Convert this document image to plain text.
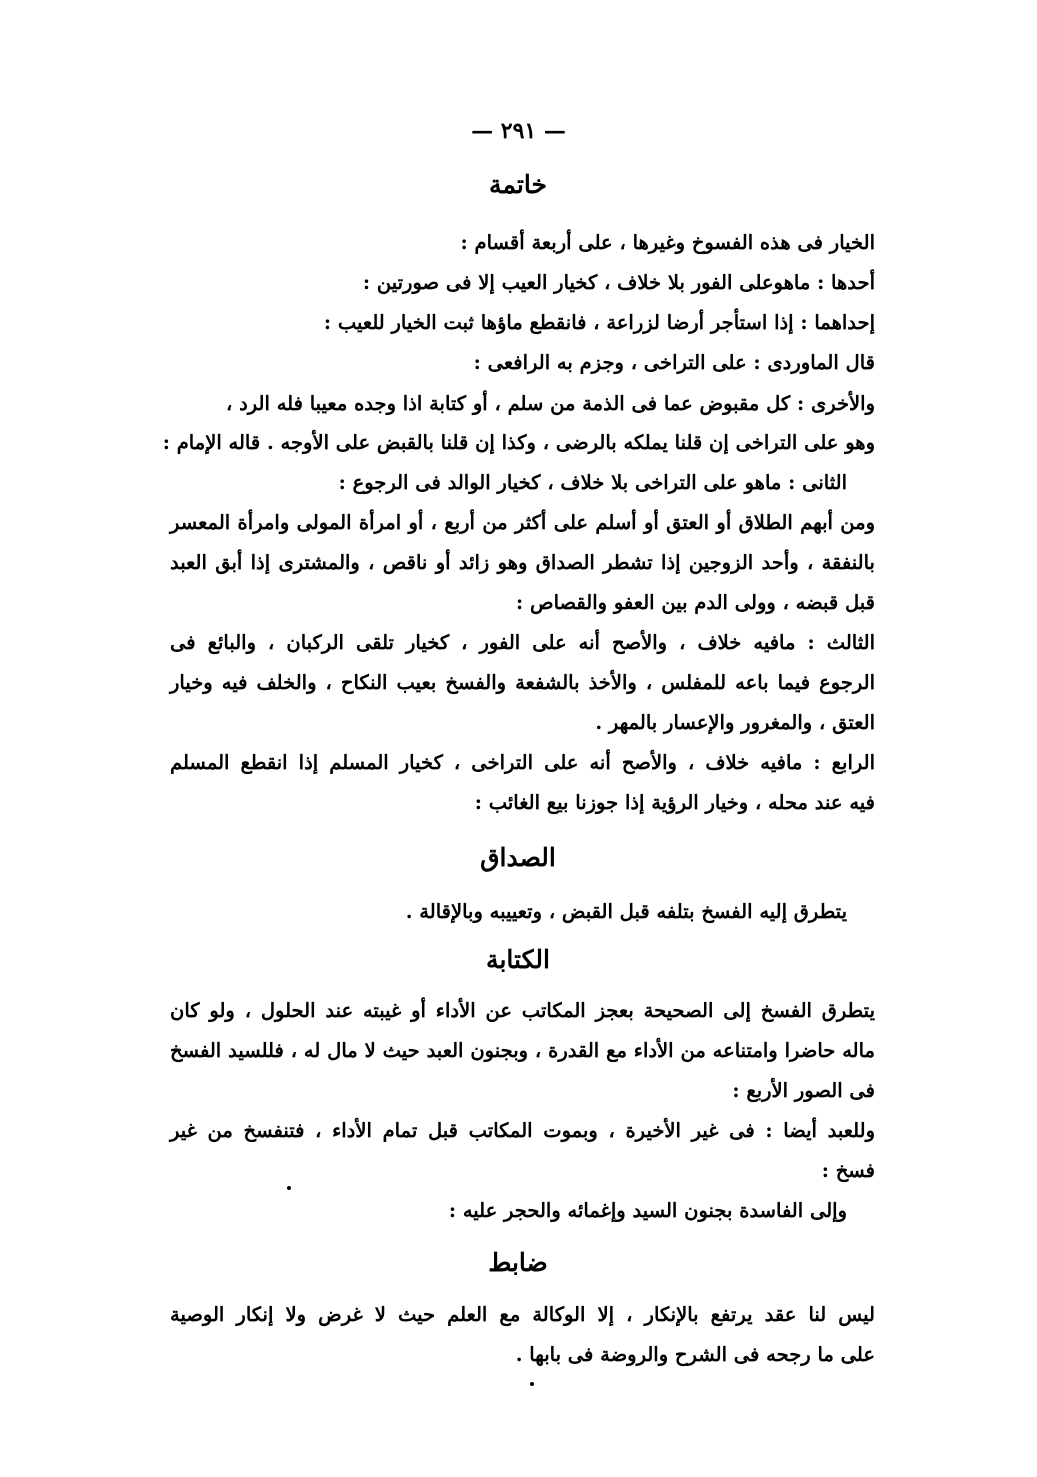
— ٢٩١ —
خاتمة
الخيار فى هذه الفسوخ وغيرها ، على أربعة أقسام :
أحدها : ماهوعلى الفور بلا خلاف ، كخيار العيب إلا فى صورتين :
إحداهما : إذا استأجر أرضا لزراعة ، فانقطع ماؤها ثبت الخيار للعيب :
قال الماوردى : على التراخى ، وجزم به الرافعى :
والأخرى : كل مقبوض عما فى الذمة من سلم ، أو كتابة اذا وجده معيبا فله الرد ،
وهو على التراخى إن قلنا يملكه بالرضى ، وكذا إن قلنا بالقبض على الأوجه . قاله الإمام :
الثانى : ماهو على التراخى بلا خلاف ، كخيار الوالد فى الرجوع :
ومن أبهم الطلاق أو العتق أو أسلم على أكثر من أربع ، أو امرأة المولى وامرأة المعسر
بالنفقة ، وأحد الزوجين إذا تشطر الصداق وهو زائد أو ناقص ، والمشترى إذا أبق العبد
قبل قبضه ، وولى الدم بين العفو والقصاص :
الثالث : مافيه خلاف ، والأصح أنه على الفور ، كخيار تلقى الركبان ، والبائع فى
الرجوع فيما باعه للمفلس ، والأخذ بالشفعة والفسخ بعيب النكاح ، والخلف فيه وخيار
العتق ، والمغرور والإعسار بالمهر .
الرابع : مافيه خلاف ، والأصح أنه على التراخى ، كخيار المسلم إذا انقطع المسلم
فيه عند محله ، وخيار الرؤية إذا جوزنا بيع الغائب :
الصداق
يتطرق إليه الفسخ بتلفه قبل القبض ، وتعييبه وبالإقالة .
الكتابة
يتطرق الفسخ إلى الصحيحة بعجز المكاتب عن الأداء أو غيبته عند الحلول ، ولو كان
ماله حاضرا وامتناعه من الأداء مع القدرة ، وبجنون العبد حيث لا مال له ، فللسيد الفسخ
فى الصور الأربع :
وللعبد أيضا : فى غير الأخيرة ، وبموت المكاتب قبل تمام الأداء ، فتنفسخ من غير
فسخ :
وإلى الفاسدة بجنون السيد وإغمائه والحجر عليه :
ضابط
ليس لنا عقد يرتفع بالإنكار ، إلا الوكالة مع العلم حيث لا غرض ولا إنكار الوصية
على ما رجحه فى الشرح والروضة فى بابها .
